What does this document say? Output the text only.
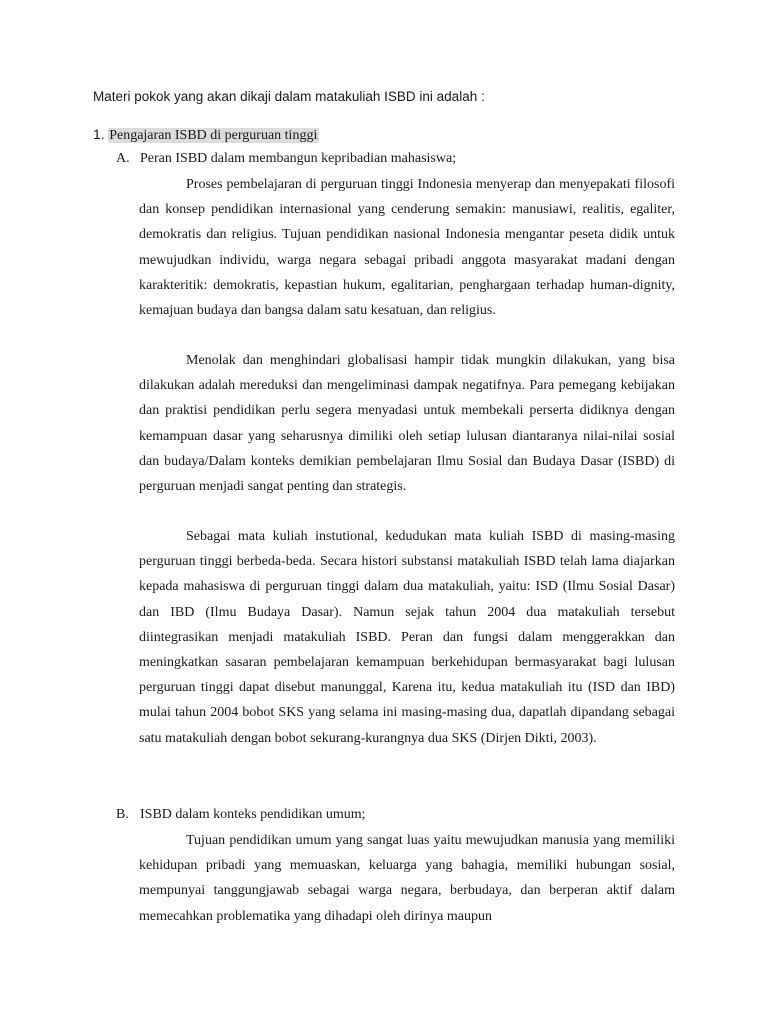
Materi pokok yang akan dikaji dalam matakuliah ISBD ini adalah :
1. Pengajaran ISBD di perguruan tinggi
A. Peran ISBD dalam membangun kepribadian mahasiswa;

Proses pembelajaran di perguruan tinggi Indonesia menyerap dan menyepakati filosofi dan konsep pendidikan internasional yang cenderung semakin: manusiawi, realitis, egaliter, demokratis dan religius. Tujuan pendidikan nasional Indonesia mengantar peseta didik untuk mewujudkan individu, warga negara sebagai pribadi anggota masyarakat madani dengan karakteritik: demokratis, kepastian hukum, egalitarian, penghargaan terhadap human-dignity, kemajuan budaya dan bangsa dalam satu kesatuan, dan religius.

Menolak dan menghindari globalisasi hampir tidak mungkin dilakukan, yang bisa dilakukan adalah mereduksi dan mengeliminasi dampak negatifnya. Para pemegang kebijakan dan praktisi pendidikan perlu segera menyadasi untuk membekali perserta didiknya dengan kemampuan dasar yang seharusnya dimiliki oleh setiap lulusan diantaranya nilai-nilai sosial dan budaya/Dalam konteks demikian pembelajaran Ilmu Sosial dan Budaya Dasar (ISBD) di perguruan menjadi sangat penting dan strategis.

Sebagai mata kuliah instutional, kedudukan mata kuliah ISBD di masing-masing perguruan tinggi berbeda-beda. Secara histori substansi matakuliah ISBD telah lama diajarkan kepada mahasiswa di perguruan tinggi dalam dua matakuliah, yaitu: ISD (Ilmu Sosial Dasar) dan IBD (Ilmu Budaya Dasar). Namun sejak tahun 2004 dua matakuliah tersebut diintegrasikan menjadi matakuliah ISBD. Peran dan fungsi dalam menggerakkan dan meningkatkan sasaran pembelajaran kemampuan berkehidupan bermasyarakat bagi lulusan perguruan tinggi dapat disebut manunggal, Karena itu, kedua matakuliah itu (ISD dan IBD) mulai tahun 2004 bobot SKS yang selama ini masing-masing dua, dapatlah dipandang sebagai satu matakuliah dengan bobot sekurang-kurangnya dua SKS (Dirjen Dikti, 2003).

B. ISBD dalam konteks pendidikan umum;

Tujuan pendidikan umum yang sangat luas yaitu mewujudkan manusia yang memiliki kehidupan pribadi yang memuaskan, keluarga yang bahagia, memiliki hubungan sosial, mempunyai tanggungjawab sebagai warga negara, berbudaya, dan berperan aktif dalam memecahkan problematika yang dihadapi oleh dirinya maupun
